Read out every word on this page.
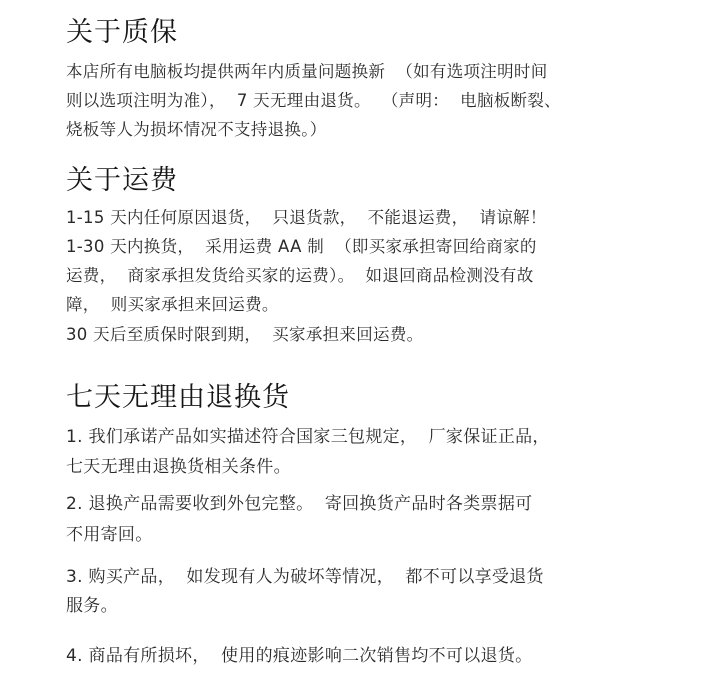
关于质保

本店所有电脑板均提供两年内质量问题换新  （如有选项注明时间

则以选项注明为准），  7 天无理由退货。  （声明：  电脑板断裂、

烧板等人为损坏情况不支持退换。）

关于运费

1-15 天内任何原因退货，  只退货款，  不能退运费，  请谅解！

1-30 天内换货，  采用运费 AA 制  （即买家承担寄回给商家的

运费，  商家承担发货给买家的运费）。  如退回商品检测没有故

障，  则买家承担来回运费。

30 天后至质保时限到期，  买家承担来回运费。

七天无理由退换货

1. 我们承诺产品如实描述符合国家三包规定，  厂家保证正品，

七天无理由退换货相关条件。

2. 退换产品需要收到外包完整。  寄回换货产品时各类票据可

不用寄回。

3. 购买产品，  如发现有人为破坏等情况，  都不可以享受退货

服务。

4. 商品有所损坏，  使用的痕迹影响二次销售均不可以退货。
